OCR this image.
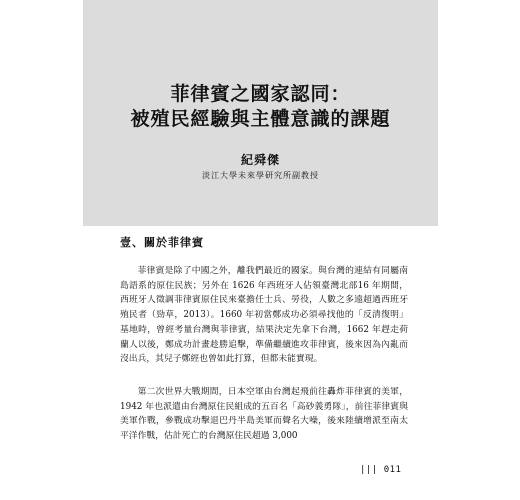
菲律賓之國家認同：
被殖民經驗與主體意識的課題
紀舜傑
淡江大學未來學研究所副教授
壹、關於菲律賓

菲律賓是除了中國之外，離我們最近的國家。與台灣的連結有同屬南島語系的原住民族；另外在 1626 年西班牙人佔領臺灣北部16 年期間，西班牙人徵調菲律賓原住民來臺擔任士兵、勞役，人數之多遠超過西班牙殖民者（勁草，2013）。1660 年初當鄭成功必須尋找他的「反清復明」基地時，曾經考量台灣與菲律賓，結果決定先拿下台灣，1662 年趕走荷蘭人以後，鄭成功計畫趁勝追擊，準備繼續進攻菲律賓，後來因為內亂而沒出兵，其兒子鄭經也曾如此打算，但都未能實現。

第二次世界大戰期間，日本空軍由台灣起飛前往轟炸菲律賓的美軍，1942 年也派遣由台灣原住民組成的五百名「高砂義勇隊」，前往菲律賓與美軍作戰，參戰成功擊退巴丹半島美軍而聲名大噪，後來陸續增派至南太平洋作戰，估計死亡的台灣原住民超過 3,000

||| 011
